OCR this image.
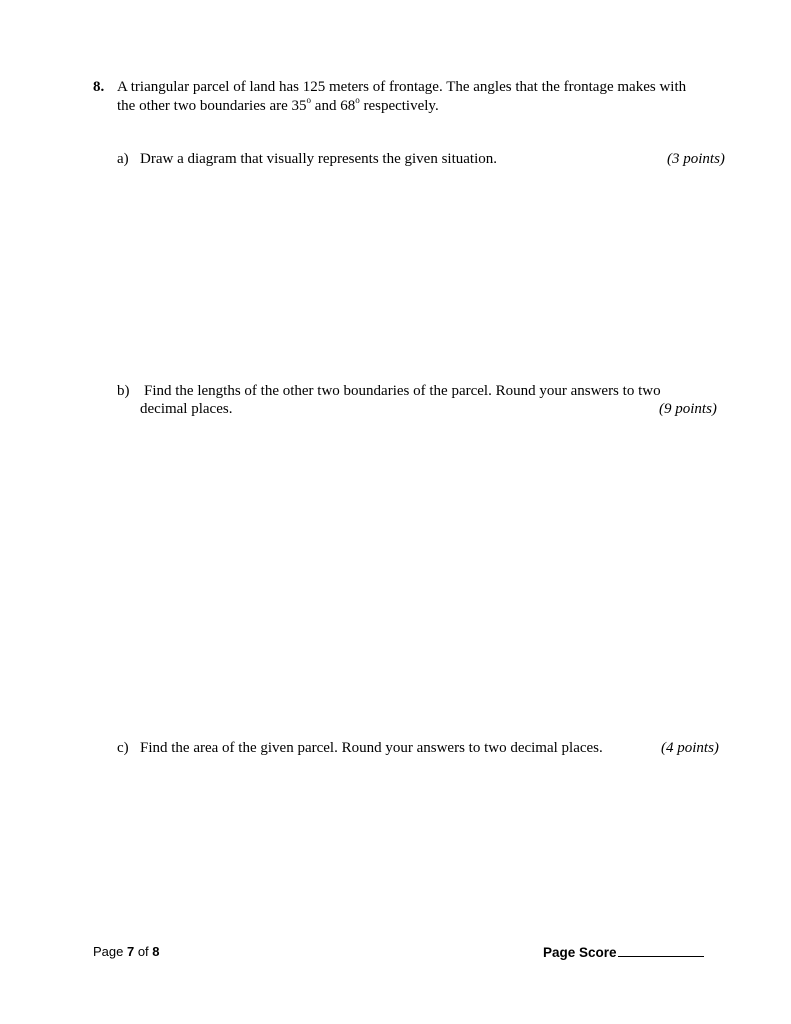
8. A triangular parcel of land has 125 meters of frontage. The angles that the frontage makes with
the other two boundaries are 35$^o$ and 68$^o$ respectively.
a) Draw a diagram that visually represents the given situation.	(3 points)
b) Find the lengths of the other two boundaries of the parcel. Round your answers to two
decimal places.	(9 points)
c) Find the area of the given parcel. Round your answers to two decimal places.	(4 points)
Page 7 of 8	Page Score
